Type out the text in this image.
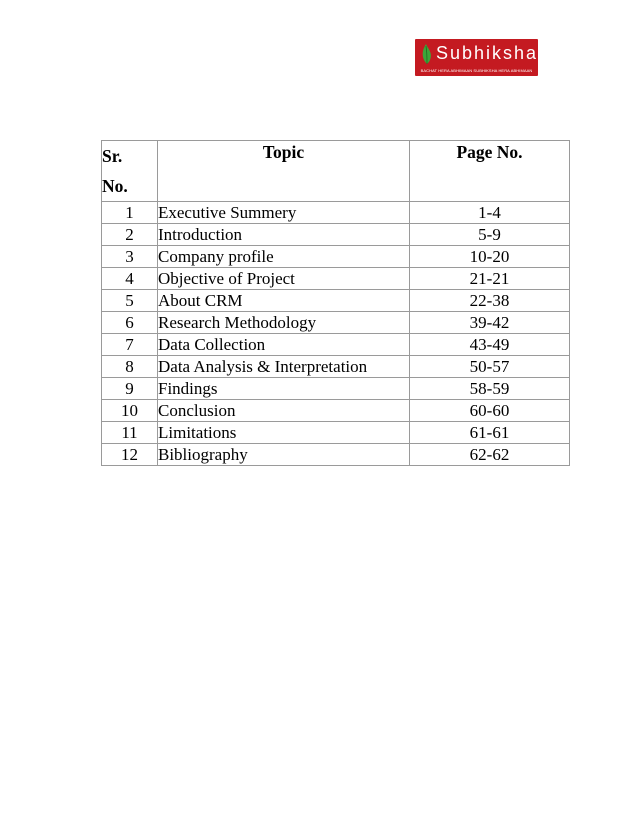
Subhiksha
BACHAT HERA ABHIMAAN SUBHIKSHA HERA ABHIMAAN
Sr.
No.	Topic	Page No.
1	Executive Summery	1-4
2	Introduction	5-9
3	Company profile	10-20
4	Objective of Project	21-21
5	About CRM	22-38
6	Research Methodology	39-42
7	Data Collection	43-49
8	Data Analysis & Interpretation	50-57
9	Findings	58-59
10	Conclusion	60-60
11	Limitations	61-61
12	Bibliography	62-62
